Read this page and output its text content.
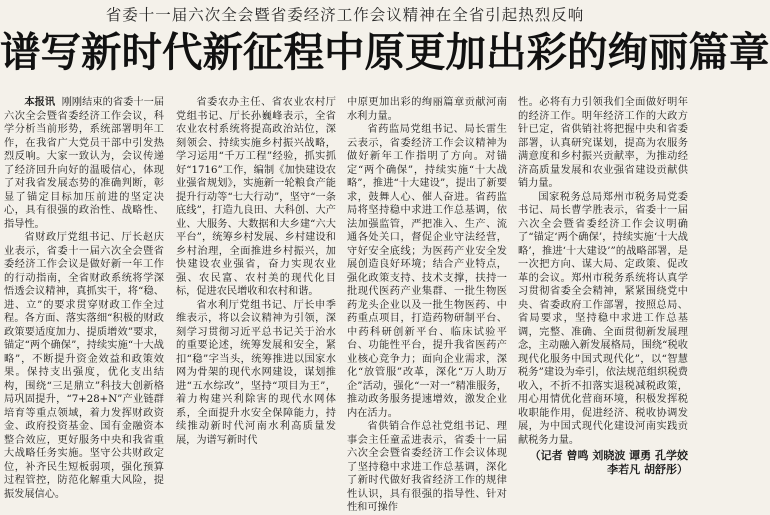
省委十一届六次全会暨省委经济工作会议精神在全省引起热烈反响
谱写新时代新征程中原更加出彩的绚丽篇章

本报讯 刚刚结束的省委十一届六次全会暨省委经济工作会议，科学分析当前形势，系统部署明年工作，在我省广大党员干部中引发热烈反响。大家一致认为，会议传递了经济回升向好的温暖信心，体现了对我省发展态势的准确判断，彰显了锚定目标加压前进的坚定决心，具有很强的政治性、战略性、指导性。

省财政厅党组书记、厅长赵庆业表示，省委十一届六次全会暨省委经济工作会议是做好新一年工作的行动指南，全省财政系统将学深悟透会议精神，真抓实干，将“稳、进、立”的要求贯穿财政工作全过程。各方面、落实落细“积极的财政政策要适度加力、提质增效”要求，锚定“两个确保”，持续实施“十大战略”，不断提升资金效益和政策效果。保持支出强度，优化支出结构，围绕“三足鼎立”科技大创新格局巩固提升，“7+28+N”产业链群培育等重点领域，着力发挥财政资金、政府投资基金、国有金融资本整合效应，更好服务中央和我省重大战略任务实施。坚守公共财政定位，补齐民生短板弱项，强化预算过程管控，防范化解重大风险，提振发展信心。

省委农办主任、省农业农村厅党组书记、厅长孙巍峰表示，全省农业农村系统将提高政治站位，深刻领会、持续实施乡村振兴战略，学习运用“千万工程”经验，抓实抓好“1716”工作，编制《加快建设农业强省规划》，实施新一轮粮食产能提升行动等“七大行动”，坚守“一条底线”，打造九良田、大科创、大产业、大服务、大数据和大乡建“六大平台”，统筹乡村发展、乡村建设和乡村治理，全面推进乡村振兴，加快建设农业强省，奋力实现农业强、农民富、农村美的现代化目标，促进农民增收和农村和谐。

省水利厅党组书记、厅长申季维表示，将以会议精神为引领，深刻学习贯彻习近平总书记关于治水的重要论述，统筹发展和安全，紧扣“稳”字当头，统筹推进以国家水网为骨架的现代水网建设，谋划推进“五水综改”，坚持“项目为王”，着力构建兴利除害的现代水网体系，全面提升水安全保障能力，持续推动新时代河南水利高质量发展，为谱写新时代

中原更加出彩的绚丽篇章贡献河南水利力量。

省药监局党组书记、局长雷生云表示，省委经济工作会议精神为做好新年工作指明了方向。对锚定“两个确保”，持续实施“十大战略”，推进“十大建设”，提出了新要求，鼓舞人心、催人奋进。省药监局将坚持稳中求进工作总基调，依法加强监管，严把准入、生产、流通各处关口，督促企业守法经营，守好安全底线；为医药产业安全发展创造良好环境；结合产业特点，强化政策支持、技术支撑，扶持一批现代医药产业集群、一批生物医药龙头企业以及一批生物医药、中药重点项目，打造药物研制平台、中药科研创新平台、临床试验平台、功能性平台，提升我省医药产业核心竞争力；面向企业需求，深化“放管服”改革，深化“万人助万企”活动，强化“一对一”精准服务，推动政务服务提速增效，激发企业内在活力。

省供销合作总社党组书记、理事会主任童孟进表示，省委十一届六次全会暨省委经济工作会议体现了坚持稳中求进工作总基调，深化了新时代做好我省经济工作的规律性认识，具有很强的指导性、针对性和可操作

性。必将有力引领我们全面做好明年的经济工作。明年经济工作的大政方针已定，省供销社将把握中央和省委部署，认真研究谋划，提高为农服务满意度和乡村振兴贡献率，为推动经济高质量发展和农业强省建设贡献供销力量。

国家税务总局郑州市税务局党委书记、局长曹学胜表示，省委十一届六次全会暨省委经济工作会议明确了“锚定‘两个确保’，持续实施‘十大战略’，推进‘十大建设’”的战略部署，是一次把方向、谋大局、定政策、促改革的会议。郑州市税务系统将认真学习贯彻省委全会精神，紧紧围绕党中央、省委政府工作部署，按照总局、省局要求，坚持稳中求进工作总基调，完整、准确、全面贯彻新发展理念，主动融入新发展格局，围绕“税收现代化服务中国式现代化”，以“智慧税务”建设为牵引，依法规范组织税费收入，不折不扣落实退税减税政策，用心用情优化营商环境，积极发挥税收职能作用，促进经济、税收协调发展，为中国式现代化建设河南实践贡献税务力量。

（记者 曾鸣 刘晓波 谭勇 孔学姣 李若凡 胡舒彤）
